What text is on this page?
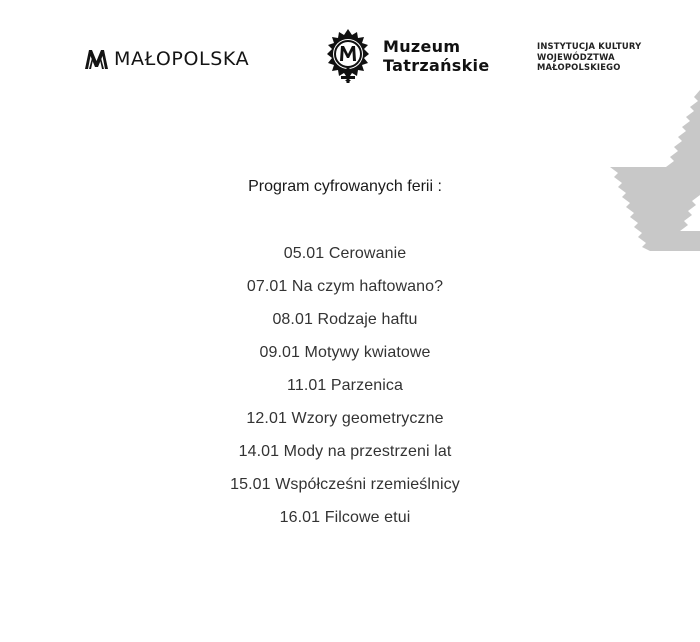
MAŁOPOLSKA
Muzeum
Tatrzańskie
INSTYTUCJA KULTURY
WOJEWÓDZTWA
MAŁOPOLSKIEGO
Program cyfrowanych ferii :
05.01 Cerowanie
07.01 Na czym haftowano?
08.01 Rodzaje haftu
09.01 Motywy kwiatowe
11.01 Parzenica
12.01 Wzory geometryczne
14.01 Mody na przestrzeni lat
15.01 Współcześni rzemieślnicy
16.01 Filcowe etui
